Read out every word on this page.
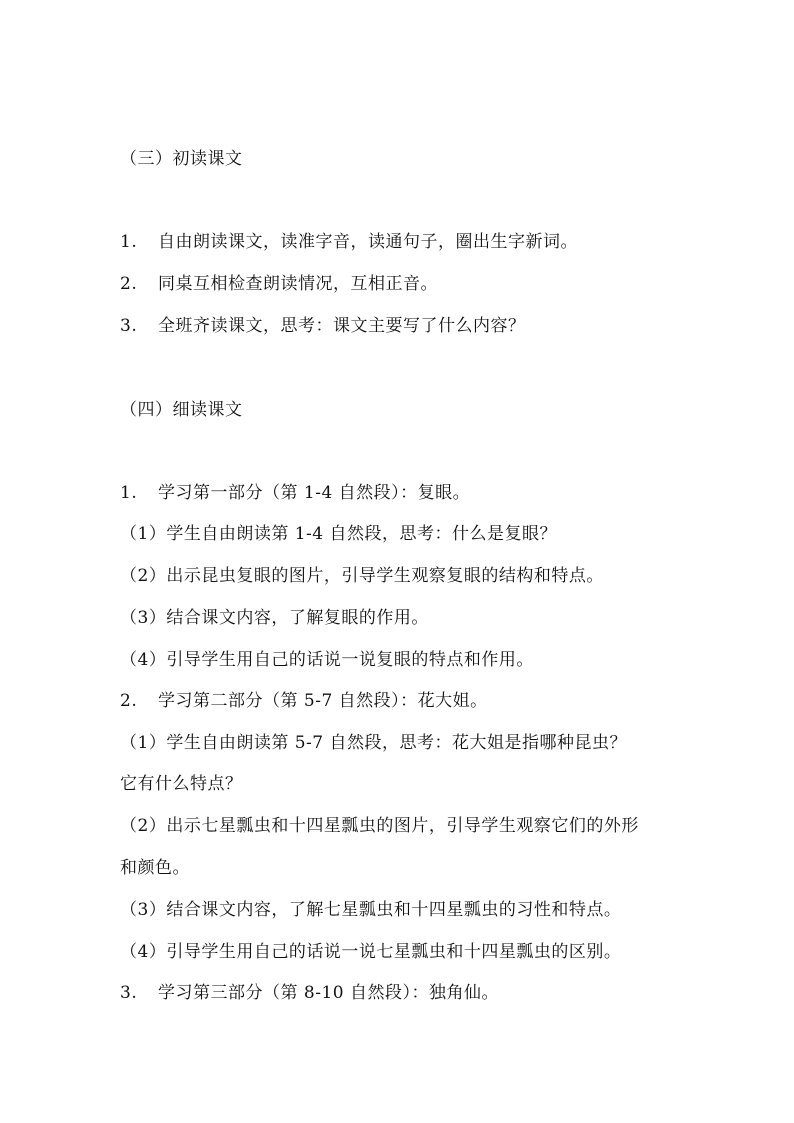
（三）初读课文
1. 自由朗读课文，读准字音，读通句子，圈出生字新词。
2. 同桌互相检查朗读情况，互相正音。
3. 全班齐读课文，思考：课文主要写了什么内容？
（四）细读课文
1. 学习第一部分（第 1-4 自然段）：复眼。
（1）学生自由朗读第 1-4 自然段，思考：什么是复眼？
（2）出示昆虫复眼的图片，引导学生观察复眼的结构和特点。
（3）结合课文内容，了解复眼的作用。
（4）引导学生用自己的话说一说复眼的特点和作用。
2. 学习第二部分（第 5-7 自然段）：花大姐。
（1）学生自由朗读第 5-7 自然段，思考：花大姐是指哪种昆虫？
它有什么特点？
（2）出示七星瓢虫和十四星瓢虫的图片，引导学生观察它们的外形
和颜色。
（3）结合课文内容，了解七星瓢虫和十四星瓢虫的习性和特点。
（4）引导学生用自己的话说一说七星瓢虫和十四星瓢虫的区别。
3. 学习第三部分（第 8-10 自然段）：独角仙。
